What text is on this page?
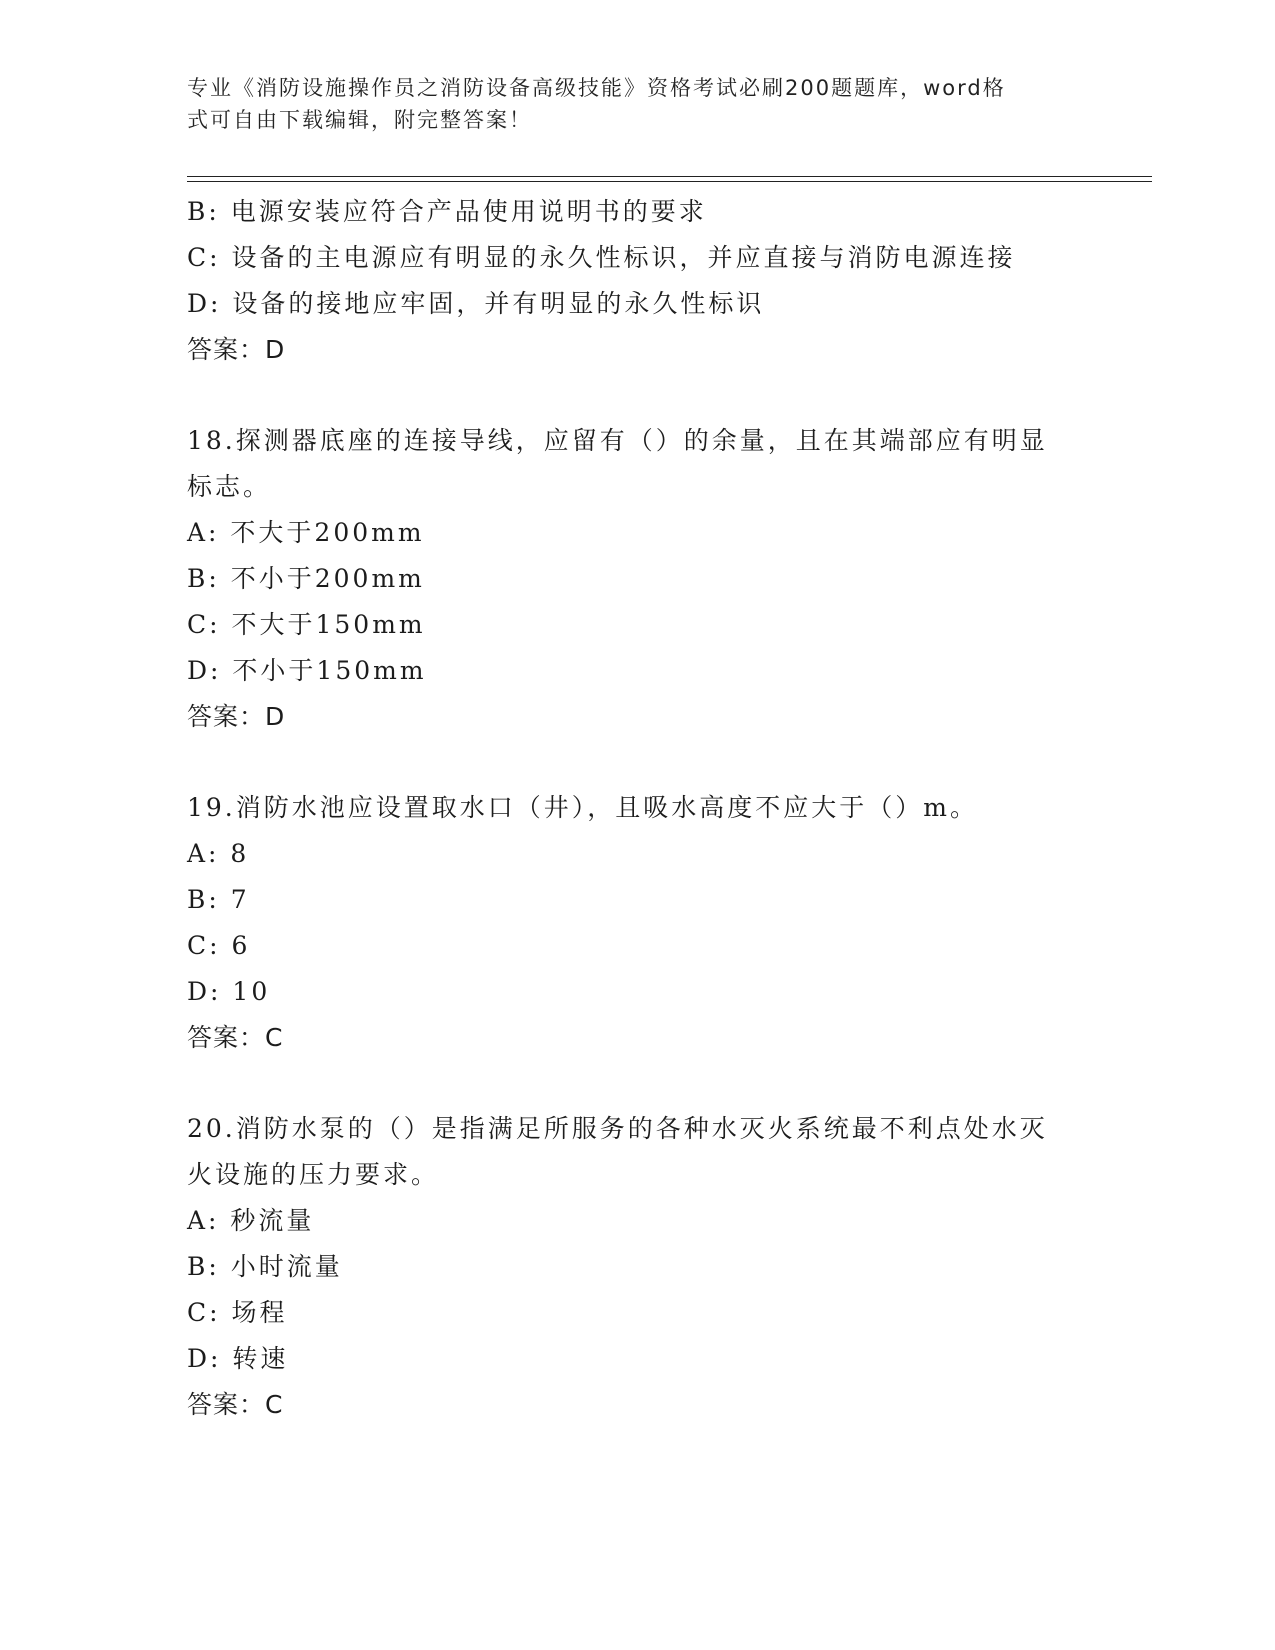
专业《消防设施操作员之消防设备高级技能》资格考试必刷200题题库，word格
式可自由下载编辑，附完整答案！
B: 电源安装应符合产品使用说明书的要求
C: 设备的主电源应有明显的永久性标识，并应直接与消防电源连接
D: 设备的接地应牢固，并有明显的永久性标识
答案：D
18.探测器底座的连接导线，应留有（）的余量，且在其端部应有明显
标志。
A: 不大于200mm
B: 不小于200mm
C: 不大于150mm
D: 不小于150mm
答案：D
19.消防水池应设置取水口（井），且吸水高度不应大于（）m。
A: 8
B: 7
C: 6
D: 10
答案：C
20.消防水泵的（）是指满足所服务的各种水灭火系统最不利点处水灭
火设施的压力要求。
A: 秒流量
B: 小时流量
C: 场程
D: 转速
答案：C
